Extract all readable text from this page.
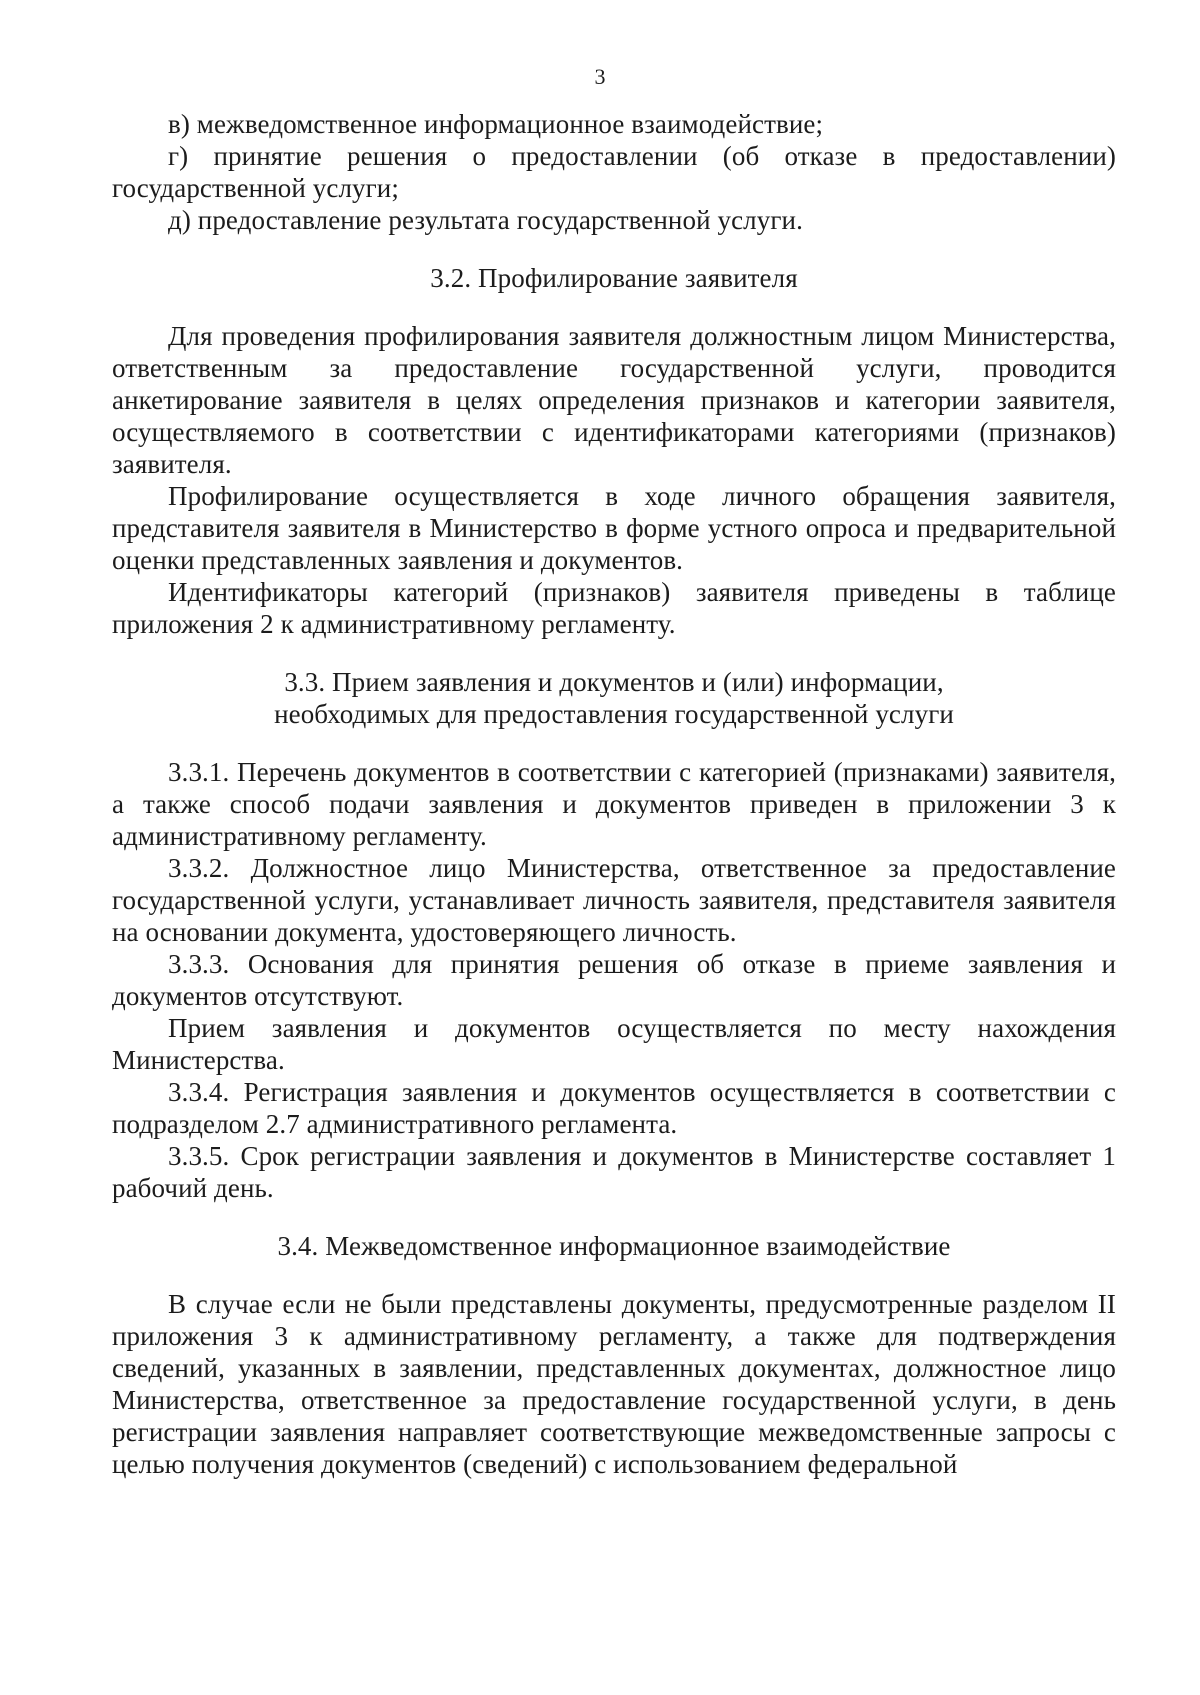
3

в) межведомственное информационное взаимодействие;

г) принятие решения о предоставлении (об отказе в предоставлении) государственной услуги;

д) предоставление результата государственной услуги.

3.2. Профилирование заявителя

Для проведения профилирования заявителя должностным лицом Министерства, ответственным за предоставление государственной услуги, проводится анкетирование заявителя в целях определения признаков и категории заявителя, осуществляемого в соответствии с идентификаторами категориями (признаков) заявителя.

Профилирование осуществляется в ходе личного обращения заявителя, представителя заявителя в Министерство в форме устного опроса и предварительной оценки представленных заявления и документов.

Идентификаторы категорий (признаков) заявителя приведены в таблице приложения 2 к административному регламенту.

3.3. Прием заявления и документов и (или) информации,
необходимых для предоставления государственной услуги

3.3.1. Перечень документов в соответствии с категорией (признаками) заявителя, а также способ подачи заявления и документов приведен в приложении 3 к административному регламенту.

3.3.2. Должностное лицо Министерства, ответственное за предоставление государственной услуги, устанавливает личность заявителя, представителя заявителя на основании документа, удостоверяющего личность.

3.3.3. Основания для принятия решения об отказе в приеме заявления и документов отсутствуют.

Прием заявления и документов осуществляется по месту нахождения Министерства.

3.3.4. Регистрация заявления и документов осуществляется в соответствии с подразделом 2.7 административного регламента.

3.3.5. Срок регистрации заявления и документов в Министерстве составляет 1 рабочий день.

3.4. Межведомственное информационное взаимодействие

В случае если не были представлены документы, предусмотренные разделом II приложения 3 к административному регламенту, а также для подтверждения сведений, указанных в заявлении, представленных документах, должностное лицо Министерства, ответственное за предоставление государственной услуги, в день регистрации заявления направляет соответствующие межведомственные запросы с целью получения документов (сведений) с использованием федеральной
